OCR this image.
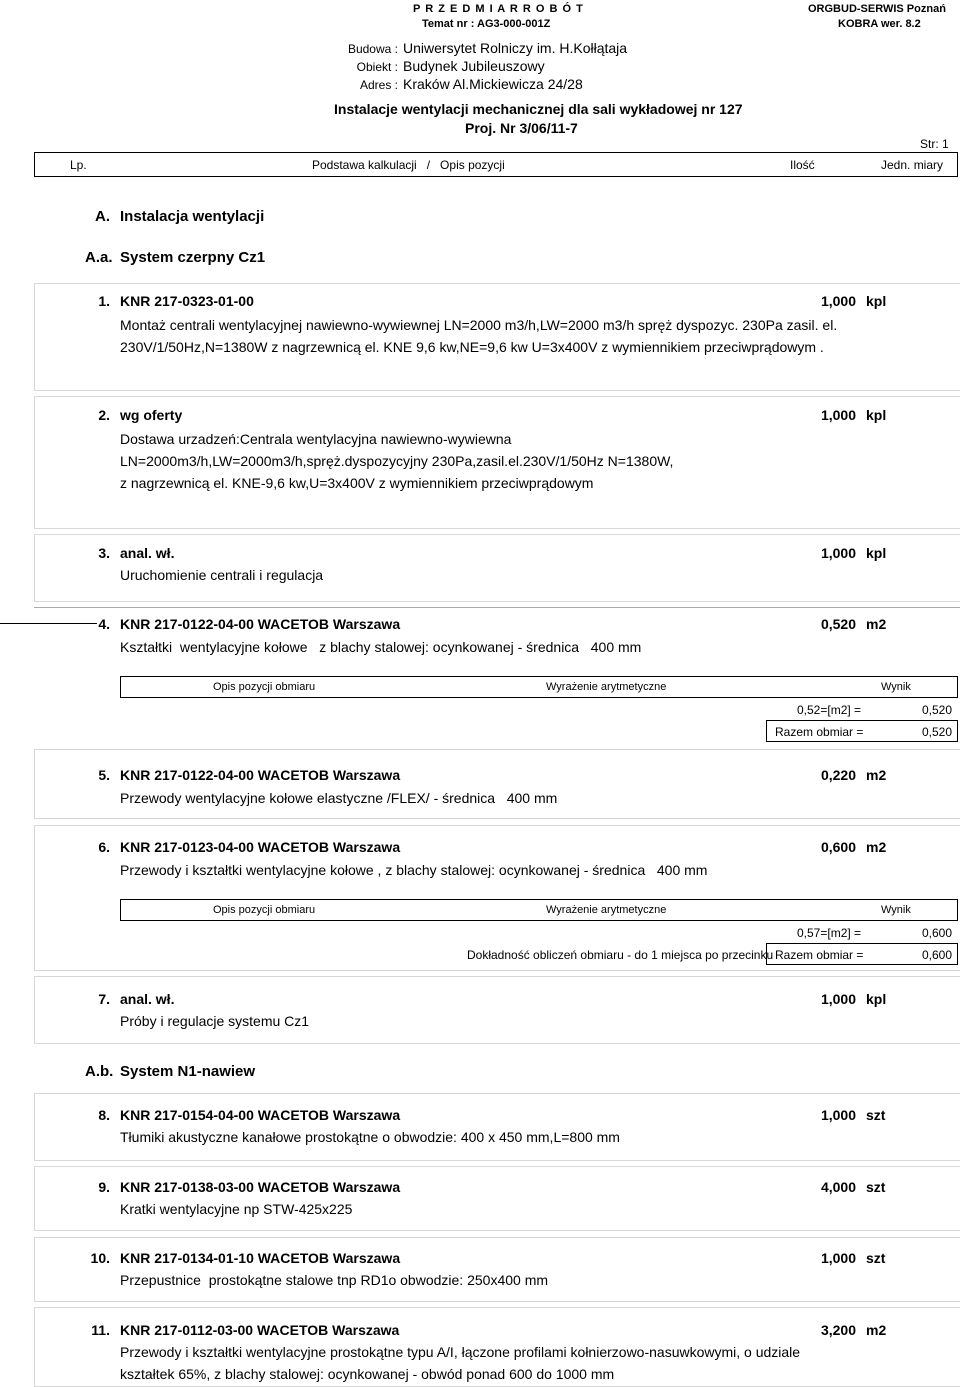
P R Z E D M I A R R O B Ó T
Temat nr : AG3-000-001Z
ORGBUD-SERWIS Poznań
KOBRA wer. 8.2
Budowa : Uniwersytet Rolniczy im. H.Kołłątaja
Obiekt : Budynek Jubileuszowy
Adres : Kraków Al.Mickiewicza 24/28
Instalacje wentylacji mechanicznej dla sali wykładowej nr 127
Proj. Nr 3/06/11-7
Str: 1
Lp.	Podstawa kalkulacji   /   Opis pozycji	Ilość	Jedn. miary
A. Instalacja wentylacji
A.a. System czerpny Cz1
1. KNR 217-0323-01-00	1,000 kpl
Montaż centrali wentylacyjnej nawiewno-wywiewnej LN=2000 m3/h,LW=2000 m3/h spręż dyspozyc. 230Pa zasil. el. 230V/1/50Hz,N=1380W z nagrzewnicą el. KNE 9,6 kw,NE=9,6 kw U=3x400V z wymiennikiem przeciwprądowym .
2. wg oferty	1,000 kpl
Dostawa urzadzeń:Centrala wentylacyjna nawiewno-wywiewna LN=2000m3/h,LW=2000m3/h,spręż.dyspozycyjny 230Pa,zasil.el.230V/1/50Hz N=1380W, z nagrzewnicą el. KNE-9,6 kw,U=3x400V z wymiennikiem przeciwprądowym
3. anal. wł.	1,000 kpl
Uruchomienie centrali i regulacja
4. KNR 217-0122-04-00 WACETOB Warszawa	0,520 m2
Kształtki  wentylacyjne kołowe   z blachy stalowej: ocynkowanej - średnica   400 mm
Opis pozycji obmiaru	Wyrażenie arytmetyczne	Wynik
0,52=[m2] =	0,520
Razem obmiar =	0,520
5. KNR 217-0122-04-00 WACETOB Warszawa	0,220 m2
Przewody wentylacyjne kołowe elastyczne /FLEX/ - średnica   400 mm
6. KNR 217-0123-04-00 WACETOB Warszawa	0,600 m2
Przewody i kształtki wentylacyjne kołowe , z blachy stalowej: ocynkowanej - średnica   400 mm
Opis pozycji obmiaru	Wyrażenie arytmetyczne	Wynik
0,57=[m2] =	0,600
Dokładność obliczeń obmiaru - do 1 miejsca po przecinku Razem obmiar =	0,600
7. anal. wł.	1,000 kpl
Próby i regulacje systemu Cz1
A.b. System N1-nawiew
8. KNR 217-0154-04-00 WACETOB Warszawa	1,000 szt
Tłumiki akustyczne kanałowe prostokątne o obwodzie: 400 x 450 mm,L=800 mm
9. KNR 217-0138-03-00 WACETOB Warszawa	4,000 szt
Kratki wentylacyjne np STW-425x225
10. KNR 217-0134-01-10 WACETOB Warszawa	1,000 szt
Przepustnice  prostokątne stalowe tnp RD1o obwodzie: 250x400 mm
11. KNR 217-0112-03-00 WACETOB Warszawa	3,200 m2
Przewody i kształtki wentylacyjne prostokątne typu A/I, łączone profilami kołnierzowo-nasuwkowymi, o udziale kształtek 65%, z blachy stalowej: ocynkowanej - obwód ponad 600 do 1000 mm
